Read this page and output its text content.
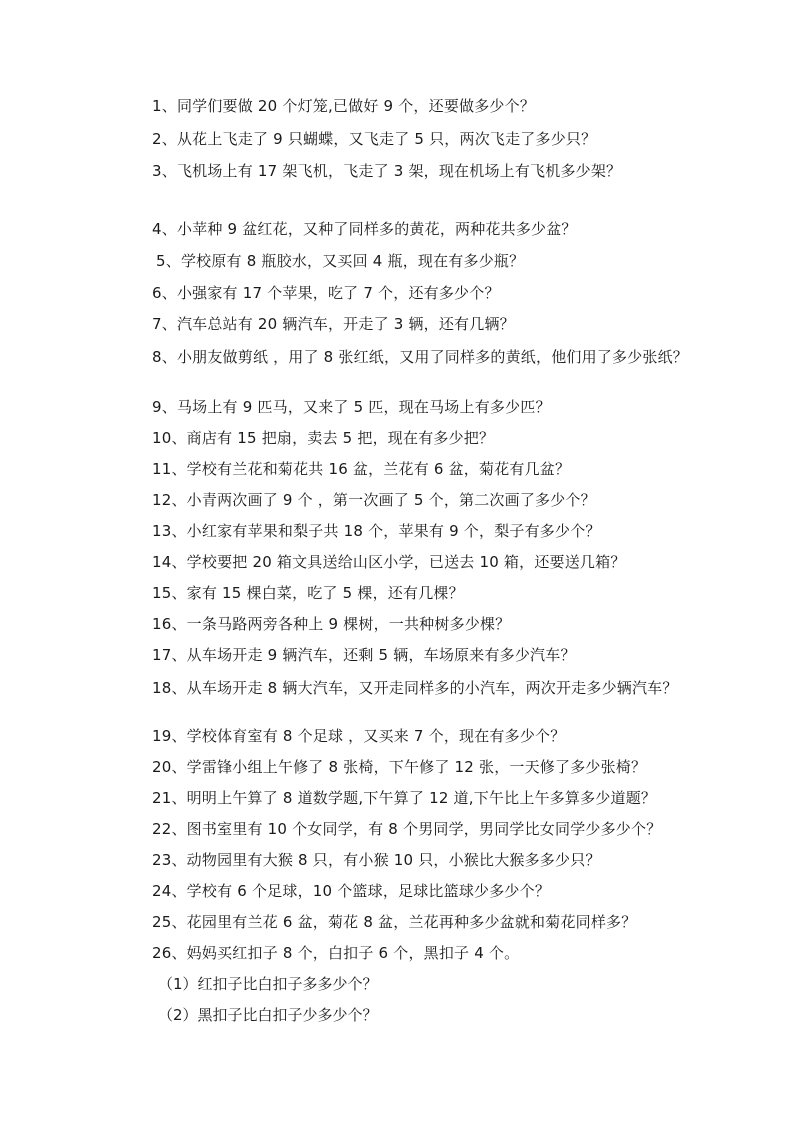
1、同学们要做 20 个灯笼,已做好 9 个，还要做多少个？
2、从花上飞走了 9 只蝴蝶，又飞走了 5 只，两次飞走了多少只？
3、飞机场上有 17 架飞机，飞走了 3 架，现在机场上有飞机多少架？
4、小苹种 9 盆红花，又种了同样多的黄花，两种花共多少盆？
5、学校原有 8 瓶胶水，又买回 4 瓶，现在有多少瓶？
6、小强家有 17 个苹果，吃了 7 个，还有多少个？
7、汽车总站有 20 辆汽车，开走了 3 辆，还有几辆？
8、小朋友做剪纸 ，用了 8 张红纸，又用了同样多的黄纸，他们用了多少张纸？
9、马场上有 9 匹马，又来了 5 匹，现在马场上有多少匹？
10、商店有 15 把扇，卖去 5 把，现在有多少把？
11、学校有兰花和菊花共 16 盆，兰花有 6 盆，菊花有几盆？
12、小青两次画了 9 个 ，第一次画了 5 个，第二次画了多少个？
13、小红家有苹果和梨子共 18 个，苹果有 9 个，梨子有多少个？
14、学校要把 20 箱文具送给山区小学，已送去 10 箱，还要送几箱？
15、家有 15 棵白菜，吃了 5 棵，还有几棵？
16、一条马路两旁各种上 9 棵树，一共种树多少棵？
17、从车场开走 9 辆汽车，还剩 5 辆，车场原来有多少汽车？
18、从车场开走 8 辆大汽车，又开走同样多的小汽车，两次开走多少辆汽车？
19、学校体育室有 8 个足球 ，又买来 7 个，现在有多少个？
20、学雷锋小组上午修了 8 张椅，下午修了 12 张，一天修了多少张椅？
21、明明上午算了 8 道数学题,下午算了 12 道,下午比上午多算多少道题？
22、图书室里有 10 个女同学，有 8 个男同学，男同学比女同学少多少个？
23、动物园里有大猴 8 只，有小猴 10 只，小猴比大猴多多少只？
24、学校有 6 个足球，10 个篮球，足球比篮球少多少个？
25、花园里有兰花 6 盆，菊花 8 盆，兰花再种多少盆就和菊花同样多？
26、妈妈买红扣子 8 个，白扣子 6 个，黑扣子 4 个。
（1）红扣子比白扣子多多少个？
（2）黑扣子比白扣子少多少个？
